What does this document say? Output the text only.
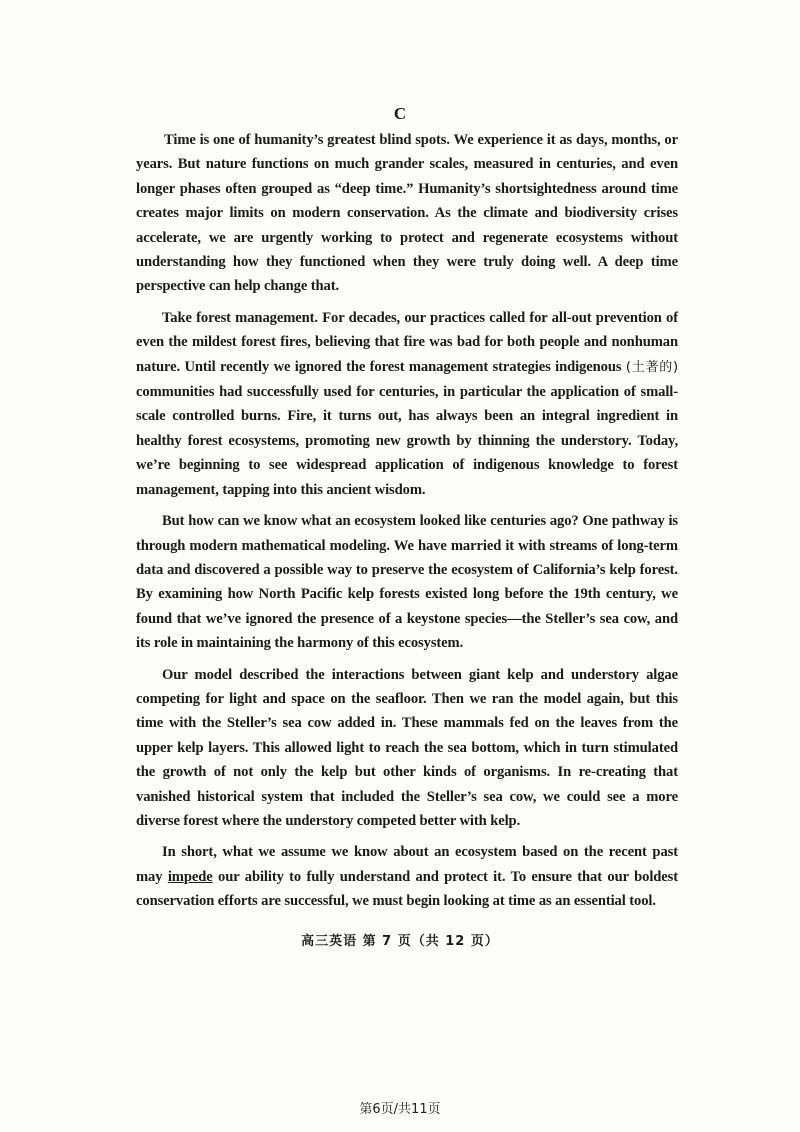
C

Time is one of humanity’s greatest blind spots. We experience it as days, months, or years. But nature functions on much grander scales, measured in centuries, and even longer phases often grouped as “deep time.” Humanity’s shortsightedness around time creates major limits on modern conservation. As the climate and biodiversity crises accelerate, we are urgently working to protect and regenerate ecosystems without understanding how they functioned when they were truly doing well. A deep time perspective can help change that.

Take forest management. For decades, our practices called for all-out prevention of even the mildest forest fires, believing that fire was bad for both people and nonhuman nature. Until recently we ignored the forest management strategies indigenous (土著的) communities had successfully used for centuries, in particular the application of small-scale controlled burns. Fire, it turns out, has always been an integral ingredient in healthy forest ecosystems, promoting new growth by thinning the understory. Today, we’re beginning to see widespread application of indigenous knowledge to forest management, tapping into this ancient wisdom.

But how can we know what an ecosystem looked like centuries ago? One pathway is through modern mathematical modeling. We have married it with streams of long-term data and discovered a possible way to preserve the ecosystem of California’s kelp forest. By examining how North Pacific kelp forests existed long before the 19th century, we found that we’ve ignored the presence of a keystone species—the Steller’s sea cow, and its role in maintaining the harmony of this ecosystem.

Our model described the interactions between giant kelp and understory algae competing for light and space on the seafloor. Then we ran the model again, but this time with the Steller’s sea cow added in. These mammals fed on the leaves from the upper kelp layers. This allowed light to reach the sea bottom, which in turn stimulated the growth of not only the kelp but other kinds of organisms. In re-creating that vanished historical system that included the Steller’s sea cow, we could see a more diverse forest where the understory competed better with kelp.

In short, what we assume we know about an ecosystem based on the recent past may impede our ability to fully understand and protect it. To ensure that our boldest conservation efforts are successful, we must begin looking at time as an essential tool.

高三英语 第 7 页（共 12 页）
第6页/共11页
